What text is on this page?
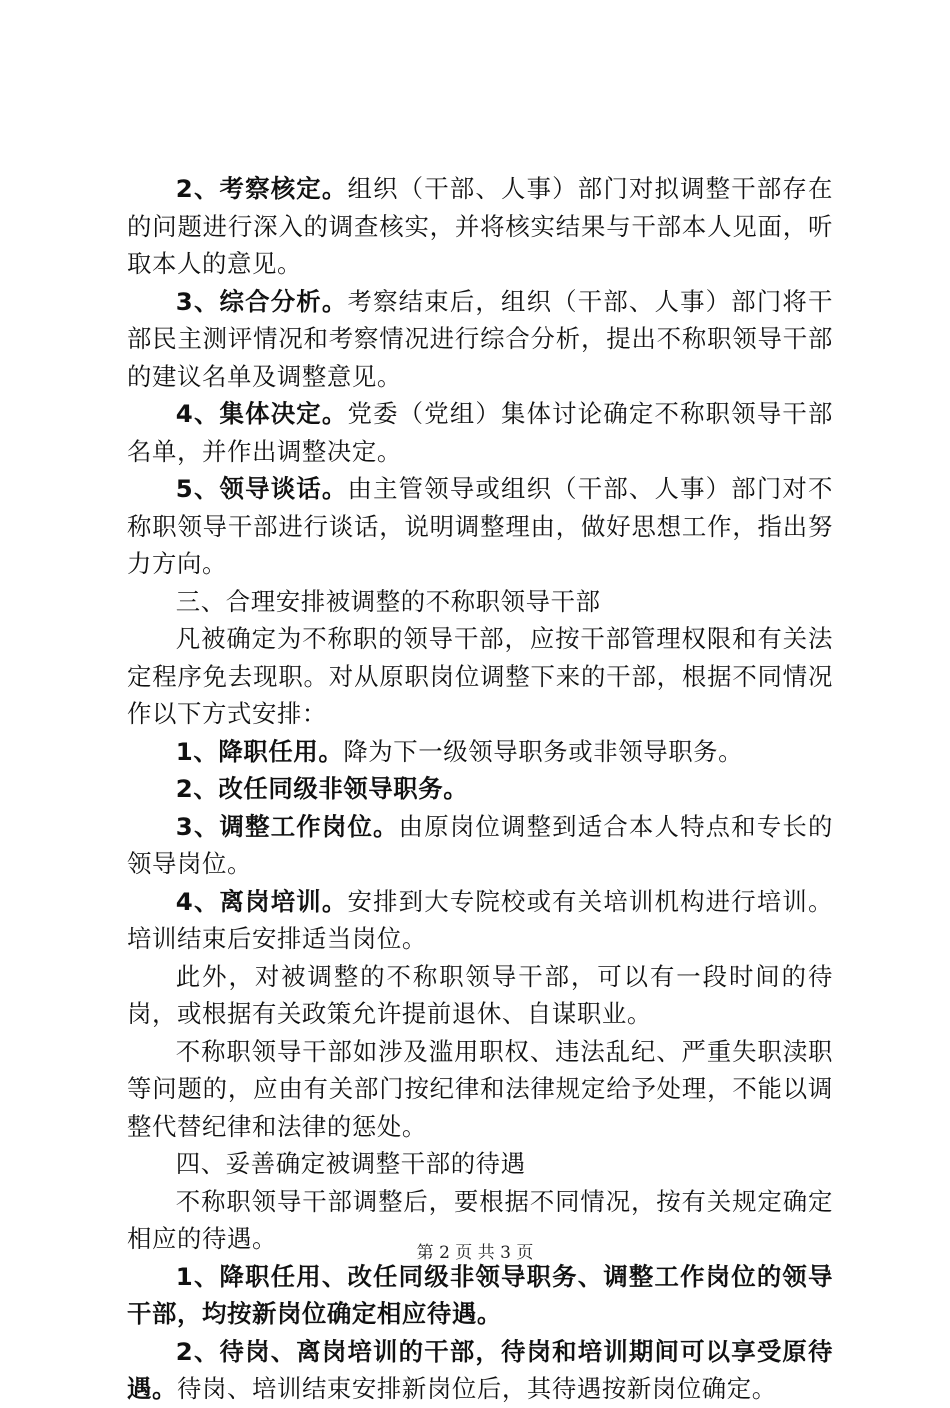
2、考察核定。组织（干部、人事）部门对拟调整干部存在的问题进行深入的调查核实，并将核实结果与干部本人见面，听取本人的意见。

3、综合分析。考察结束后，组织（干部、人事）部门将干部民主测评情况和考察情况进行综合分析，提出不称职领导干部的建议名单及调整意见。

4、集体决定。党委（党组）集体讨论确定不称职领导干部名单，并作出调整决定。

5、领导谈话。由主管领导或组织（干部、人事）部门对不称职领导干部进行谈话，说明调整理由，做好思想工作，指出努力方向。

三、合理安排被调整的不称职领导干部

凡被确定为不称职的领导干部，应按干部管理权限和有关法定程序免去现职。对从原职岗位调整下来的干部，根据不同情况作以下方式安排：

1、降职任用。降为下一级领导职务或非领导职务。

2、改任同级非领导职务。

3、调整工作岗位。由原岗位调整到适合本人特点和专长的领导岗位。

4、离岗培训。安排到大专院校或有关培训机构进行培训。培训结束后安排适当岗位。

此外，对被调整的不称职领导干部，可以有一段时间的待岗，或根据有关政策允许提前退休、自谋职业。

不称职领导干部如涉及滥用职权、违法乱纪、严重失职渎职等问题的，应由有关部门按纪律和法律规定给予处理，不能以调整代替纪律和法律的惩处。

四、妥善确定被调整干部的待遇

不称职领导干部调整后，要根据不同情况，按有关规定确定相应的待遇。

1、降职任用、改任同级非领导职务、调整工作岗位的领导干部，均按新岗位确定相应待遇。

2、待岗、离岗培训的干部，待岗和培训期间可以享受原待遇。待岗、培训结束安排新岗位后，其待遇按新岗位确定。

第 2 页 共 3 页
